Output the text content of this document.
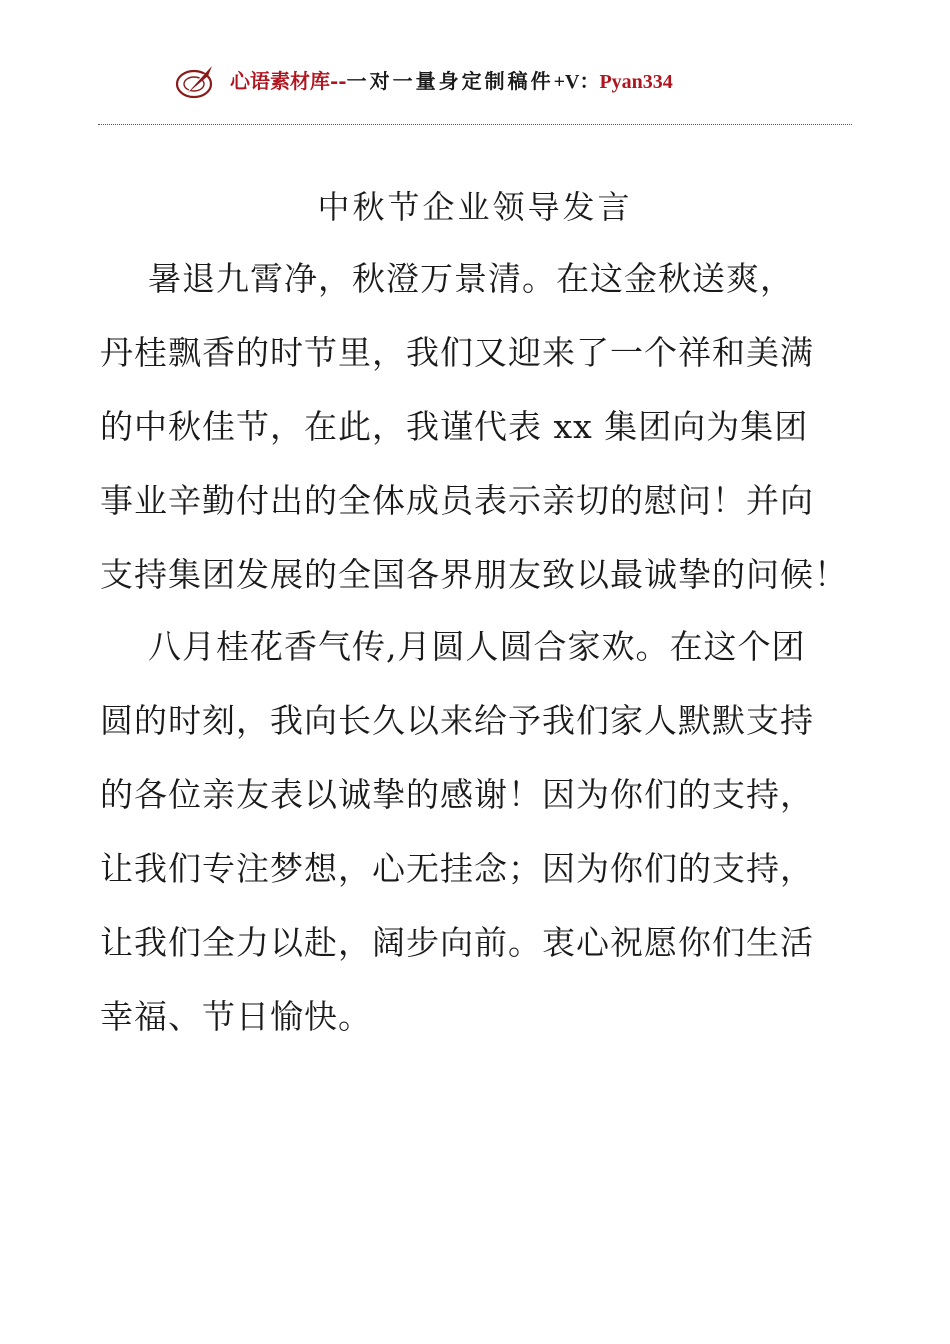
心语素材库--一对一量身定制稿件+V：Pyan334
中秋节企业领导发言
暑退九霄净，秋澄万景清。在这金秋送爽，
丹桂飘香的时节里，我们又迎来了一个祥和美满
的中秋佳节，在此，我谨代表 xx 集团向为集团
事业辛勤付出的全体成员表示亲切的慰问！并向
支持集团发展的全国各界朋友致以最诚挚的问候！
八月桂花香气传,月圆人圆合家欢。在这个团
圆的时刻，我向长久以来给予我们家人默默支持
的各位亲友表以诚挚的感谢！因为你们的支持，
让我们专注梦想，心无挂念；因为你们的支持，
让我们全力以赴，阔步向前。衷心祝愿你们生活
幸福、节日愉快。
